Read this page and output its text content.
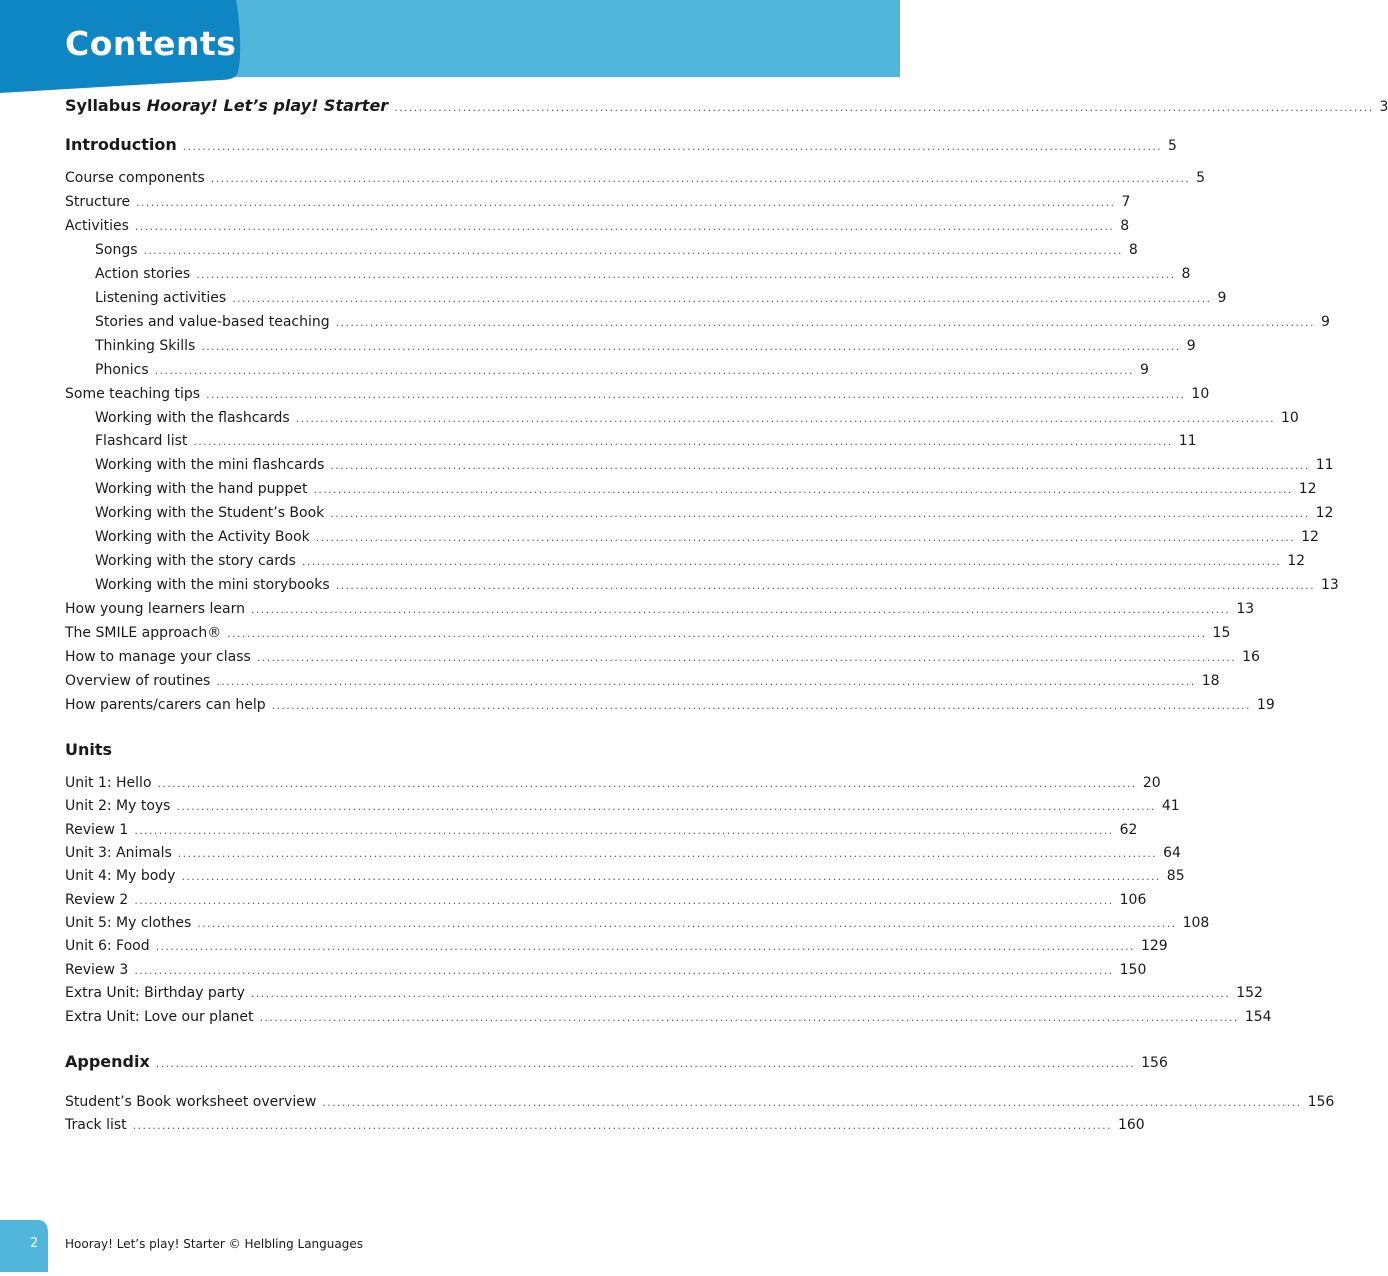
Contents
Syllabus Hooray! Let’s play! Starter ........................................................................................................................................................................................................ 3
Introduction ........................................................................................................................................................................................................ 5
Course components ........................................................................................................................................................................................................ 5
Structure ........................................................................................................................................................................................................ 7
Activities ........................................................................................................................................................................................................ 8
Songs ........................................................................................................................................................................................................ 8
Action stories ........................................................................................................................................................................................................ 8
Listening activities ........................................................................................................................................................................................................ 9
Stories and value-based teaching ........................................................................................................................................................................................................ 9
Thinking Skills ........................................................................................................................................................................................................ 9
Phonics ........................................................................................................................................................................................................ 9
Some teaching tips ........................................................................................................................................................................................................ 10
Working with the flashcards ........................................................................................................................................................................................................ 10
Flashcard list ........................................................................................................................................................................................................ 11
Working with the mini flashcards ........................................................................................................................................................................................................ 11
Working with the hand puppet ........................................................................................................................................................................................................ 12
Working with the Student’s Book ........................................................................................................................................................................................................ 12
Working with the Activity Book ........................................................................................................................................................................................................ 12
Working with the story cards ........................................................................................................................................................................................................ 12
Working with the mini storybooks ........................................................................................................................................................................................................ 13
How young learners learn ........................................................................................................................................................................................................ 13
The SMILE approach® ........................................................................................................................................................................................................ 15
How to manage your class ........................................................................................................................................................................................................ 16
Overview of routines ........................................................................................................................................................................................................ 18
How parents/carers can help ........................................................................................................................................................................................................ 19
Units
Unit 1: Hello ........................................................................................................................................................................................................ 20
Unit 2: My toys ........................................................................................................................................................................................................ 41
Review 1 ........................................................................................................................................................................................................ 62
Unit 3: Animals ........................................................................................................................................................................................................ 64
Unit 4: My body ........................................................................................................................................................................................................ 85
Review 2 ........................................................................................................................................................................................................ 106
Unit 5: My clothes ........................................................................................................................................................................................................ 108
Unit 6: Food ........................................................................................................................................................................................................ 129
Review 3 ........................................................................................................................................................................................................ 150
Extra Unit: Birthday party ........................................................................................................................................................................................................ 152
Extra Unit: Love our planet ........................................................................................................................................................................................................ 154
Appendix ........................................................................................................................................................................................................ 156
Student’s Book worksheet overview ........................................................................................................................................................................................................ 156
Track list ........................................................................................................................................................................................................ 160
2 Hooray! Let’s play! Starter © Helbling Languages
